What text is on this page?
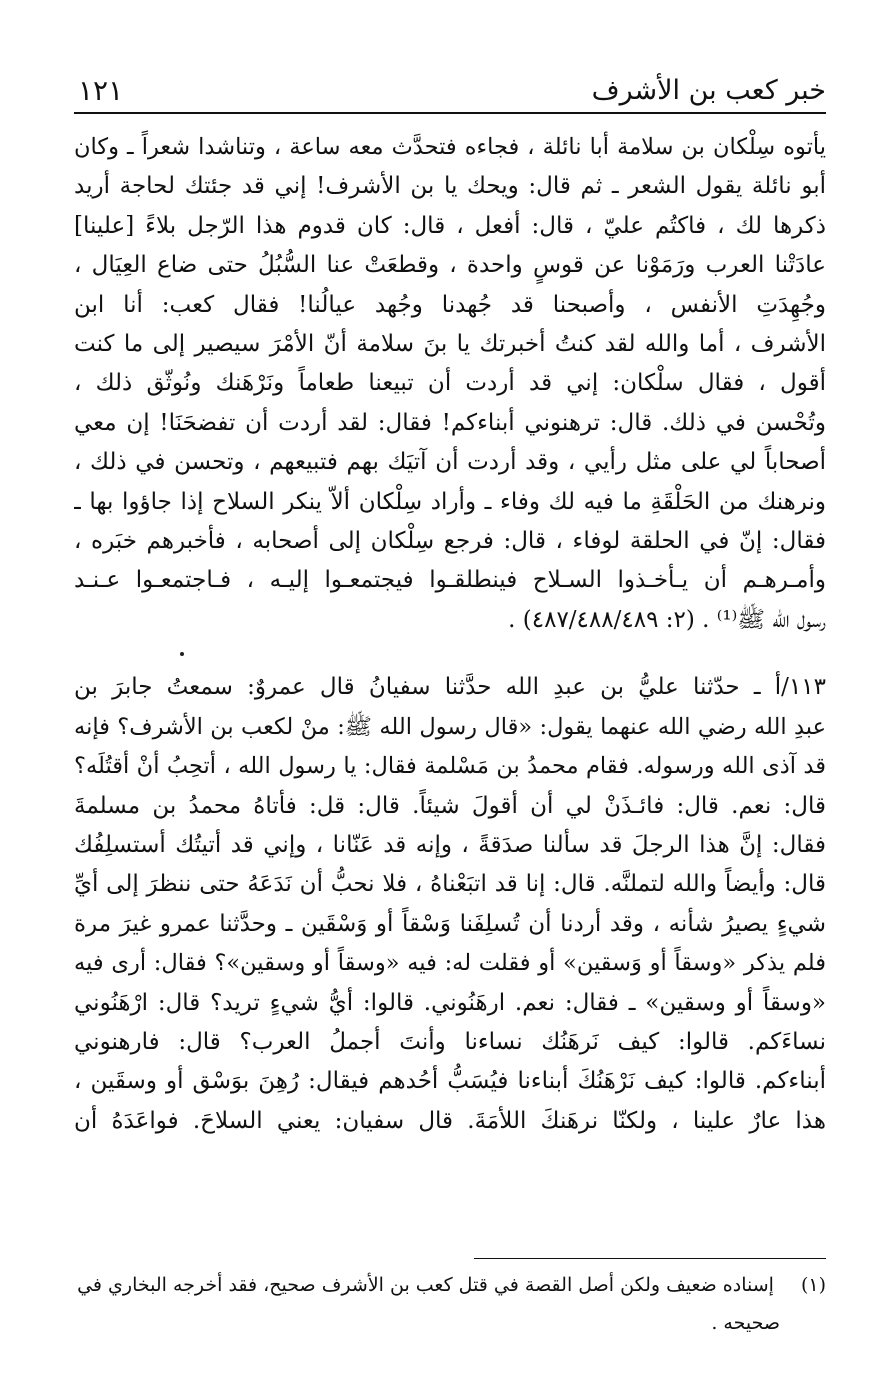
خبر كعب بن الأشرف
١٢١

يأتوه سِلْكان بن سلامة أبا نائلة ، فجاءه فتحدَّث معه ساعة ، وتناشدا شعراً ـ وكان
أبو نائلة يقول الشعر ـ ثم قال: ويحك يا بن الأشرف! إني قد جئتك لحاجة أريد
ذكرها لك ، فاكتُم عليّ ، قال: أفعل ، قال: كان قدوم هذا الرّجل بلاءً [علينا]
عادَتْنا العرب ورَمَوْنا عن قوسٍ واحدة ، وقطعَتْ عنا السُّبُلُ حتى ضاع العِيَال ،
وجُهِدَتِ الأنفس ، وأصبحنا قد جُهدنا وجُهد عيالُنا! فقال كعب: أنا ابن
الأشرف ، أما والله لقد كنتُ أخبرتك يا بنَ سلامة أنّ الأمْرَ سيصير إلى ما كنت
أقول ، فقال سلْكان: إني قد أردت أن تبيعنا طعاماً ونَرْهَنك ونُوثّق ذلك ،
وتُحْسن في ذلك. قال: ترهنوني أبناءكم! فقال: لقد أردت أن تفضحَنَا! إن معي
أصحاباً لي على مثل رأيي ، وقد أردت أن آتيَك بهم فتبيعهم ، وتحسن في ذلك ،
ونرهنك من الحَلْقَةِ ما فيه لك وفاء ـ وأراد سِلْكان ألاّ ينكر السلاح إذا جاؤوا بها ـ
فقال: إنّ في الحلقة لوفاء ، قال: فرجع سِلْكان إلى أصحابه ، فأخبرهم خبَره ،
وأمـرهـم أن يـأخـذوا السـلاح فينطلقـوا فيجتمعـوا إليـه ، فـاجتمعـوا عـنـد
رسول الله ﷺ⁽¹⁾ . (٢: ٤٨٧/٤٨٨/٤٨٩) .

١١٣/أ ـ حدّثنا عليُّ بن عبدِ الله حدَّثنا سفيانُ قال عمروٌ: سمعتُ جابرَ بن
عبدِ الله رضي الله عنهما يقول: «قال رسول الله ﷺ: منْ لكعب بن الأشرف؟ فإنه
قد آذى الله ورسوله. فقام محمدُ بن مَسْلمة فقال: يا رسول الله ، أتحِبُ أنْ أقتُلَه؟
قال: نعم. قال: فائـذَنْ لي أن أقولَ شيئاً. قال: قل: فأتاهُ محمدُ بن مسلمةَ
فقال: إنَّ هذا الرجلَ قد سألنا صدَقةً ، وإنه قد عَنّانا ، وإني قد أتيتُك أستسلِفُك
قال: وأيضاً والله لتملنَّه. قال: إنا قد اتبَعْناهُ ، فلا نحبُّ أن نَدَعَهُ حتى ننظرَ إلى أيِّ
شيءٍ يصيرُ شأنه ، وقد أردنا أن تُسلِفَنا وَسْقاً أو وَسْقَين ـ وحدَّثنا عمرو غيرَ مرة
فلم يذكر «وسقاً أو وَسقين» أو فقلت له: فيه «وسقاً أو وسقين»؟ فقال: أرى فيه
«وسقاً أو وسقين» ـ فقال: نعم. ارهَنُوني. قالوا: أيُّ شيءٍ تريد؟ قال: ارْهَنُوني
نساءَكم. قالوا: كيف نَرهَنُك نساءنا وأنتَ أجملُ العرب؟ قال: فارهنوني
أبناءكم. قالوا: كيف نَرْهَنُكَ أبناءنا فيُسَبُّ أحُدهم فيقال: رُهِنَ بوَسْق أو وسقَين ،
هذا عارٌ علينا ، ولكنّا نرهَنكَ اللأمَةَ. قال سفيان: يعني السلاحَ. فواعَدَهُ أن

(١) إسناده ضعيف ولكن أصل القصة في قتل كعب بن الأشرف صحيح، فقد أخرجه البخاري في
صحيحه .
